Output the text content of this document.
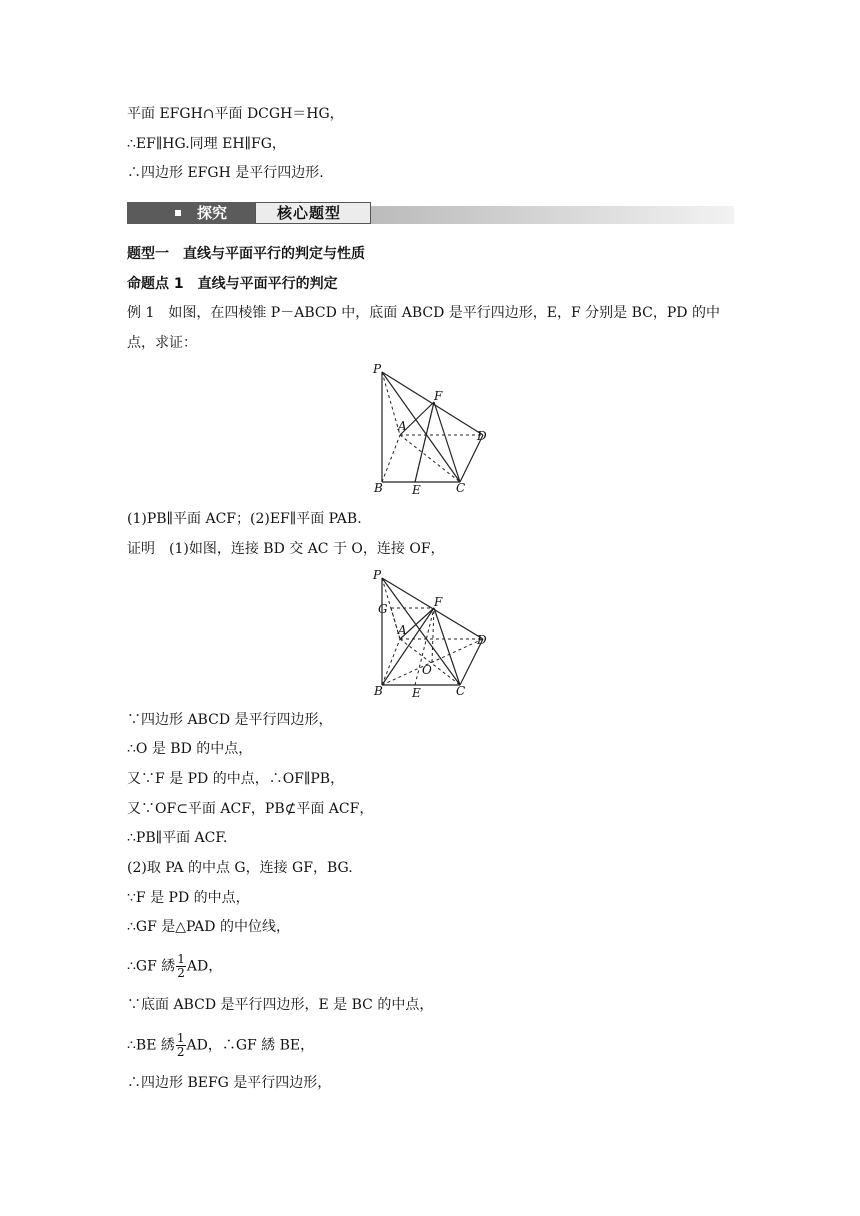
平面 EFGH∩平面 DCGH＝HG，
∴EF∥HG.同理 EH∥FG，
∴四边形 EFGH 是平行四边形.
探究	核心题型
题型一　直线与平面平行的判定与性质
命题点 1　直线与平面平行的判定
例 1　如图，在四棱锥 P－ABCD 中，底面 ABCD 是平行四边形，E，F 分别是 BC，PD 的中
点，求证：
P
F
A
D
B E	C
(1)PB∥平面 ACF；(2)EF∥平面 PAB.
证明　(1)如图，连接 BD 交 AC 于 O，连接 OF，
P
G	F
A
D
O
B E	C
∵四边形 ABCD 是平行四边形，
∴O 是 BD 的中点，
又∵F 是 PD 的中点，∴OF∥PB，
又∵OF⊂平面 ACF，PB⊄平面 ACF，
∴PB∥平面 ACF.
(2)取 PA 的中点 G，连接 GF，BG.
∵F 是 PD 的中点，
∴GF 是△PAD 的中位线，
∴GF 綉 $\frac{1}{2}$ AD，
∵底面 ABCD 是平行四边形，E 是 BC 的中点，
∴BE 綉 $\frac{1}{2}$ AD，∴GF 綉 BE，
∴四边形 BEFG 是平行四边形，
